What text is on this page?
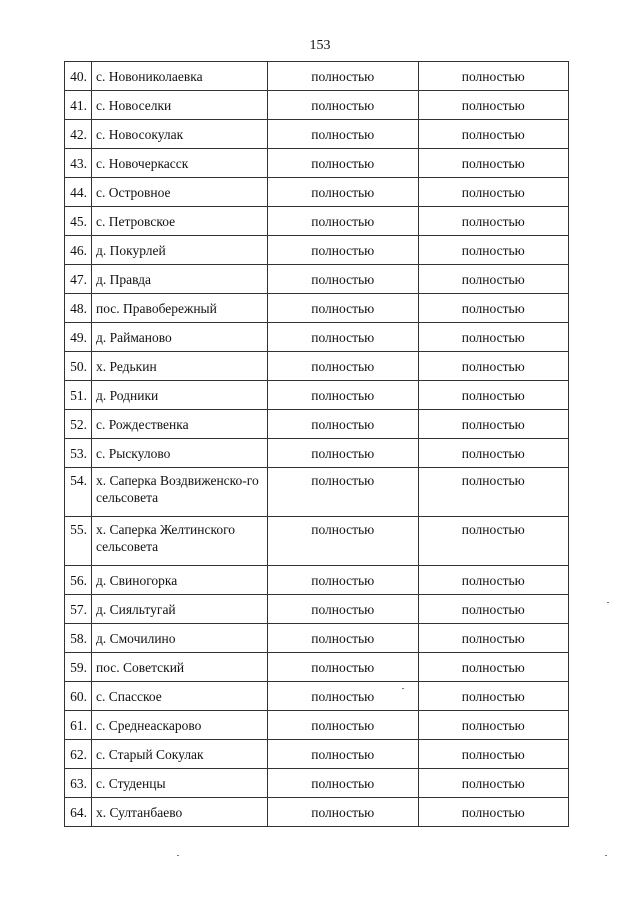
153
40.	с. Новониколаевка	полностью	полностью
41.	с. Новоселки	полностью	полностью
42.	с. Новосокулак	полностью	полностью
43.	с. Новочеркасск	полностью	полностью
44.	с. Островное	полностью	полностью
45.	с. Петровское	полностью	полностью
46.	д. Покурлей	полностью	полностью
47.	д. Правда	полностью	полностью
48.	пос. Правобережный	полностью	полностью
49.	д. Райманово	полностью	полностью
50.	х. Редькин	полностью	полностью
51.	д. Родники	полностью	полностью
52.	с. Рождественка	полностью	полностью
53.	с. Рыскулово	полностью	полностью
54.	х. Саперка Воздвиженско-го сельсовета	полностью	полностью
55.	х. Саперка Желтинского сельсовета	полностью	полностью
56.	д. Свиногорка	полностью	полностью
57.	д. Сияльтугай	полностью	полностью
58.	д. Смочилино	полностью	полностью
59.	пос. Советский	полностью	полностью
60.	с. Спасское	полностью	полностью
61.	с. Среднеаскарово	полностью	полностью
62.	с. Старый Сокулак	полностью	полностью
63.	с. Студенцы	полностью	полностью
64.	х. Султанбаево	полностью	полностью
